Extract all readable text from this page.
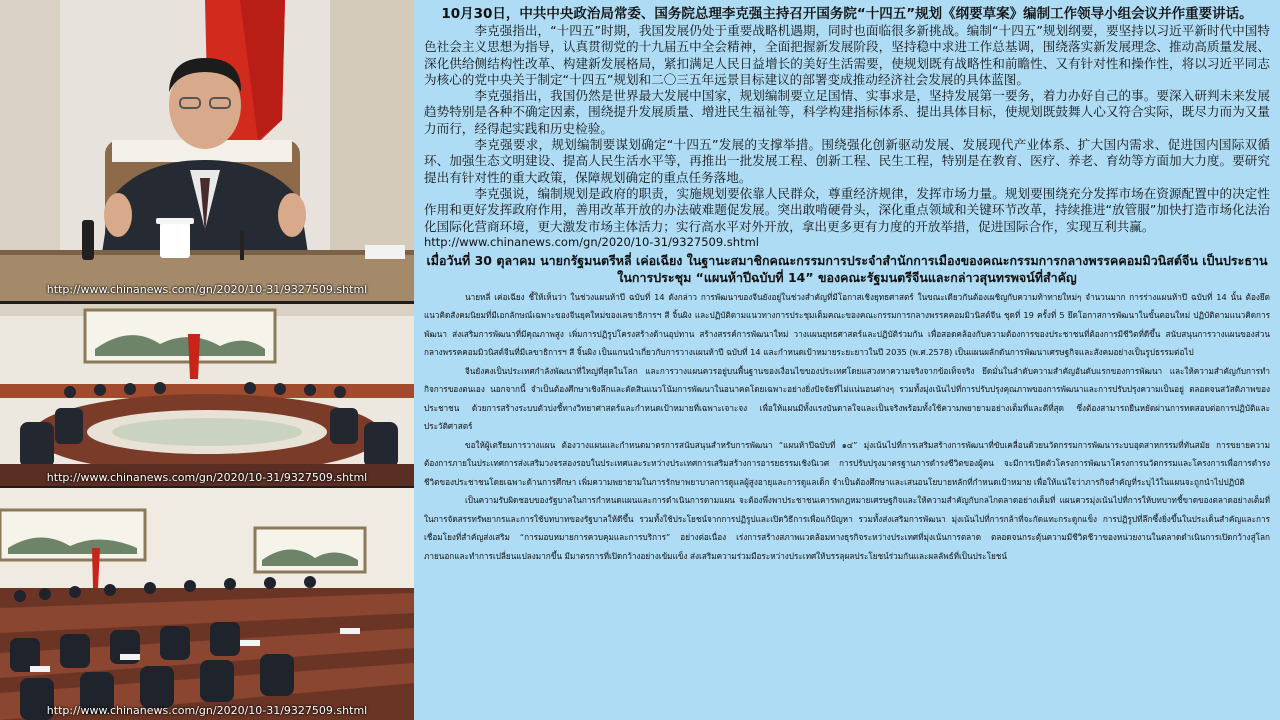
http://www.chinanews.com/gn/2020/10-31/9327509.shtml
http://www.chinanews.com/gn/2020/10-31/9327509.shtml
http://www.chinanews.com/gn/2020/10-31/9327509.shtml
10月30日，中共中央政治局常委、国务院总理李克强主持召开国务院“十四五”规划《纲要草案》编制工作领导小组会议并作重要讲话。

李克强指出，“十四五”时期，我国发展仍处于重要战略机遇期，同时也面临很多新挑战。编制“十四五”规划纲要，要坚持以习近平新时代中国特色社会主义思想为指导，认真贯彻党的十九届五中全会精神，全面把握新发展阶段，坚持稳中求进工作总基调，围绕落实新发展理念、推动高质量发展、深化供给侧结构性改革、构建新发展格局，紧扣满足人民日益增长的美好生活需要，使规划既有战略性和前瞻性、又有针对性和操作性，将以习近平同志为核心的党中央关于制定“十四五”规划和二〇三五年远景目标建议的部署变成推动经济社会发展的具体蓝图。

李克强指出，我国仍然是世界最大发展中国家，规划编制要立足国情、实事求是，坚持发展第一要务，着力办好自己的事。要深入研判未来发展趋势特别是各种不确定因素，围绕提升发展质量、增进民生福祉等，科学构建指标体系、提出具体目标，使规划既鼓舞人心又符合实际，既尽力而为又量力而行，经得起实践和历史检验。

李克强要求，规划编制要谋划确定“十四五”发展的支撑举措。围绕强化创新驱动发展、发展现代产业体系、扩大国内需求、促进国内国际双循环、加强生态文明建设、提高人民生活水平等，再推出一批发展工程、创新工程、民生工程，特别是在教育、医疗、养老、育幼等方面加大力度。要研究提出有针对性的重大政策，保障规划确定的重点任务落地。

李克强说，编制规划是政府的职责，实施规划要依靠人民群众，尊重经济规律，发挥市场力量。规划要围绕充分发挥市场在资源配置中的决定性作用和更好发挥政府作用，善用改革开放的办法破难题促发展。突出敢啃硬骨头，深化重点领域和关键环节改革，持续推进“放管服”加快打造市场化法治化国际化营商环境，更大激发市场主体活力；实行高水平对外开放，拿出更多更有力度的开放举措，促进国际合作，实现互利共赢。

http://www.chinanews.com/gn/2020/10-31/9327509.shtml
เมื่อวันที่ 30 ตุลาคม นายกรัฐมนตรีหลี่ เค่อเฉียง ในฐานะสมาชิกคณะกรรมการประจำสำนักการเมืองของคณะกรรมการกลางพรรคคอมมิวนิสต์จีน เป็นประธานในการประชุม “แผนห้าปีฉบับที่ 14” ของคณะรัฐมนตรีจีนและกล่าวสุนทรพจน์ที่สำคัญ

นายหลี่ เค่อเฉียง ชี้ให้เห็นว่า ในช่วงแผนห้าปี ฉบับที่ 14 ดังกล่าว การพัฒนาของจีนยังอยู่ในช่วงสำคัญที่มีโอกาสเชิงยุทธศาสตร์ ในขณะเดียวกันต้องเผชิญกับความท้าทายใหม่ๆ จำนวนมาก การร่างแผนห้าปี ฉบับที่ 14 นั้น ต้องยึดแนวคิดสังคมนิยมที่มีเอกลักษณ์เฉพาะของจีนยุคใหม่ของเลขาธิการฯ สี จิ้นผิง และปฏิบัติตามแนวทางการประชุมเต็มคณะของคณะกรรมการกลางพรรคคอมมิวนิสต์จีน ชุดที่ 19 ครั้งที่ 5 ยึดโอกาสการพัฒนาในขั้นตอนใหม่ ปฏิบัติตามแนวคิดการพัฒนา ส่งเสริมการพัฒนาที่มีคุณภาพสูง เพิ่มการปฏิรูปโครงสร้างด้านอุปทาน สร้างสรรค์การพัฒนาใหม่ วางแผนยุทธศาสตร์และปฏิบัติร่วมกัน เพื่อสอดคล้องกับความต้องการของประชาชนที่ต้องการมีชีวิตที่ดีขึ้น สนับสนุนการวางแผนของส่วนกลางพรรคคอมมิวนิสต์จีนที่มีเลขาธิการฯ สี จิ้นผิง เป็นแกนนำเกี่ยวกับการวางแผนห้าปี ฉบับที่ 14 และกำหนดเป้าหมายระยะยาวในปี 2035 (พ.ศ.2578) เป็นแผนผลักดันการพัฒนาเศรษฐกิจและสังคมอย่างเป็นรูปธรรมต่อไป

จีนยังคงเป็นประเทศกำลังพัฒนาที่ใหญ่ที่สุดในโลก และการวางแผนควรอยู่บนพื้นฐานของเงื่อนไขของประเทศโดยแสวงหาความจริงจากข้อเท็จจริง ยึดมั่นในลำดับความสำคัญอันดับแรกของการพัฒนา และให้ความสำคัญกับการทำกิจการของตนเอง นอกจากนี้ จำเป็นต้องศึกษาเชิงลึกและตัดสินแนวโน้มการพัฒนาในอนาคตโดยเฉพาะอย่างยิ่งปัจจัยที่ไม่แน่นอนต่างๆ รวมทั้งมุ่งเน้นไปที่การปรับปรุงคุณภาพของการพัฒนาและการปรับปรุงความเป็นอยู่ ตลอดจนสวัสดิภาพของประชาชน ด้วยการสร้างระบบตัวบ่งชี้ทางวิทยาศาสตร์และกำหนดเป้าหมายที่เฉพาะเจาะจง เพื่อให้แผนมีทั้งแรงบันดาลใจและเป็นจริงพร้อมทั้งใช้ความพยายามอย่างเต็มที่และดีที่สุด ซึ่งต้องสามารถยืนหยัดผ่านการทดสอบต่อการปฏิบัติและประวัติศาสตร์

ขอให้ผู้เตรียมการวางแผน ต้องวางแผนและกำหนดมาตรการสนับสนุนสำหรับการพัฒนา “แผนห้าปีฉบับที่ ๑๔” มุ่งเน้นไปที่การเสริมสร้างการพัฒนาที่ขับเคลื่อนด้วยนวัตกรรมการพัฒนาระบบอุตสาหกรรมที่ทันสมัย การขยายความต้องการภายในประเทศการส่งเสริมวงจรสองรอบในประเทศและระหว่างประเทศการเสริมสร้างการอารยธรรมเชิงนิเวศ การปรับปรุงมาตรฐานการดำรงชีวิตของผู้คน จะมีการเปิดตัวโครงการพัฒนาโครงการนวัตกรรมและโครงการเพื่อการดำรงชีวิตของประชาชนโดยเฉพาะด้านการศึกษา เพิ่มความพยายามในการรักษาพยาบาลการดูแลผู้สูงอายุและการดูแลเด็ก จำเป็นต้องศึกษาและเสนอนโยบายหลักที่กำหนดเป้าหมาย เพื่อให้แน่ใจว่าภารกิจสำคัญที่ระบุไว้ในแผนจะถูกนำไปปฏิบัติ

เป็นความรับผิดชอบของรัฐบาลในการกำหนดแผนและการดำเนินการตามแผน จะต้องพึ่งพาประชาชนเคารพกฎหมายเศรษฐกิจและให้ความสำคัญกับกลไกตลาดอย่างเต็มที่ แผนควรมุ่งเน้นไปที่การให้บทบาทชี้ขาดของตลาดอย่างเต็มที่ในการจัดสรรทรัพยากรและการใช้บทบาทของรัฐบาลให้ดีขึ้น รวมทั้งใช้ประโยชน์จากการปฏิรูปและเปิดวิธีการเพื่อแก้ปัญหา รวมทั้งส่งเสริมการพัฒนา มุ่งเน้นไปที่การกล้าที่จะกัดแทะกระดูกแข็ง การปฏิรูปที่ลึกซึ้งยิ่งขึ้นในประเด็นสำคัญและการเชื่อมโยงที่สำคัญส่งเสริม “การมอบหมายการควบคุมและการบริการ” อย่างต่อเนื่อง เร่งการสร้างสภาพแวดล้อมทางธุรกิจระหว่างประเทศที่มุ่งเน้นการตลาด ตลอดจนกระตุ้นความมีชีวิตชีวาของหน่วยงานในตลาดดำเนินการเปิดกว้างสู่โลกภายนอกและทำการเปลี่ยนแปลงมากขึ้น มีมาตรการที่เปิดกว้างอย่างเข้มแข็ง ส่งเสริมความร่วมมือระหว่างประเทศให้บรรลุผลประโยชน์ร่วมกันและผลลัพธ์ที่เป็นประโยชน์
